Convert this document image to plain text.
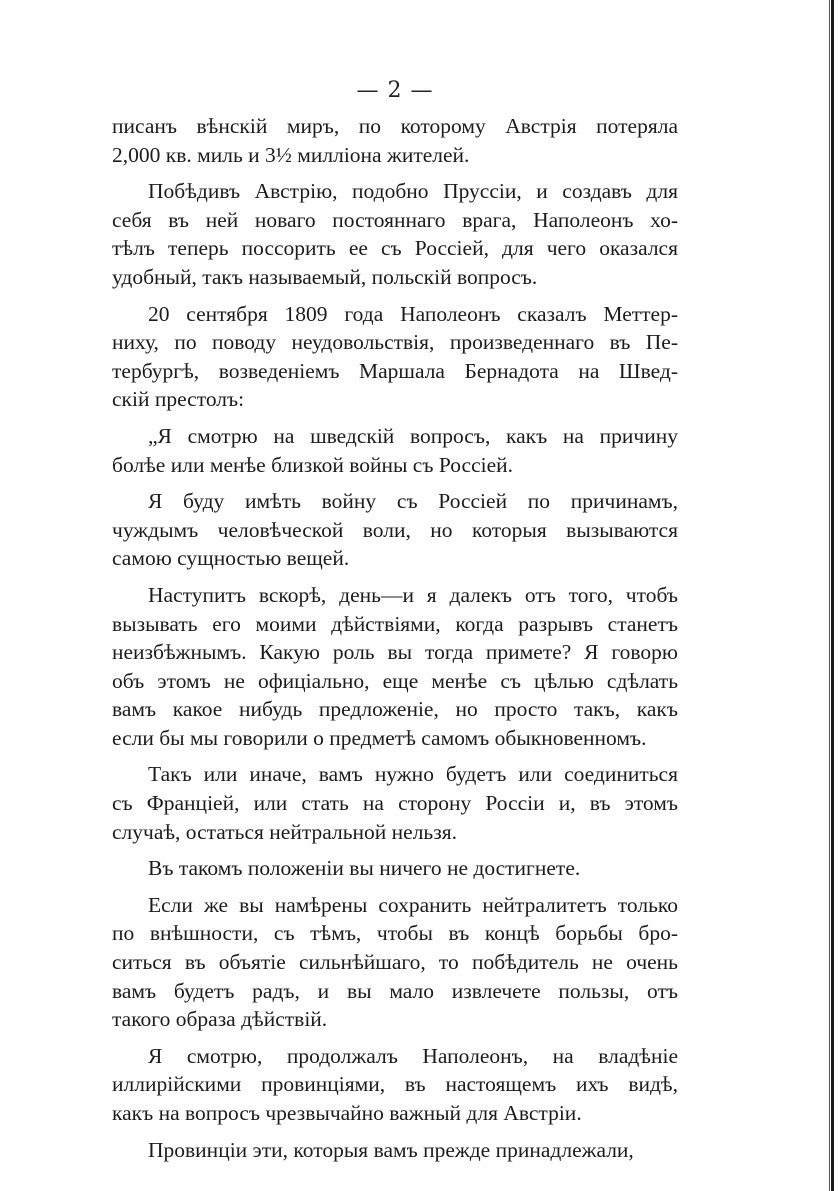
— 2 —
писанъ вѣнскій миръ, по которому Австрія потеряла
2,000 кв. миль и 3½ милліона жителей.
Побѣдивъ Австрію, подобно Пруссіи, и создавъ для
себя въ ней новаго постояннаго врага, Наполеонъ хо-
тѣлъ теперь поссорить ее съ Россіей, для чего оказался
удобный, такъ называемый, польскій вопросъ.
20 сентября 1809 года Наполеонъ сказалъ Меттер-
ниху, по поводу неудовольствія, произведеннаго въ Пе-
тербургѣ, возведеніемъ Маршала Бернадота на Швед-
скій престолъ:
„Я смотрю на шведскій вопросъ, какъ на причину
болѣе или менѣе близкой войны съ Россіей.
Я буду имѣть войну съ Россіей по причинамъ,
чуждымъ человѣческой воли, но которыя вызываются
самою сущностью вещей.
Наступитъ вскорѣ, день—и я далекъ отъ того, чтобъ
вызывать его моими дѣйствіями, когда разрывъ станетъ
неизбѣжнымъ. Какую роль вы тогда примете? Я говорю
объ этомъ не офиціально, еще менѣе съ цѣлью сдѣлать
вамъ какое нибудь предложеніе, но просто такъ, какъ
если бы мы говорили о предметѣ самомъ обыкновенномъ.
Такъ или иначе, вамъ нужно будетъ или соединиться
съ Франціей, или стать на сторону Россіи и, въ этомъ
случаѣ, остаться нейтральной нельзя.
Въ такомъ положеніи вы ничего не достигнете.
Если же вы намѣрены сохранить нейтралитетъ только
по внѣшности, съ тѣмъ, чтобы въ концѣ борьбы бро-
ситься въ объятіе сильнѣйшаго, то побѣдитель не очень
вамъ будетъ радъ, и вы мало извлечете пользы, отъ
такого образа дѣйствій.
Я смотрю, продолжалъ Наполеонъ, на владѣніе
иллирійскими провинціями, въ настоящемъ ихъ видѣ,
какъ на вопросъ чрезвычайно важный для Австріи.
Провинціи эти, которыя вамъ прежде принадлежали,
